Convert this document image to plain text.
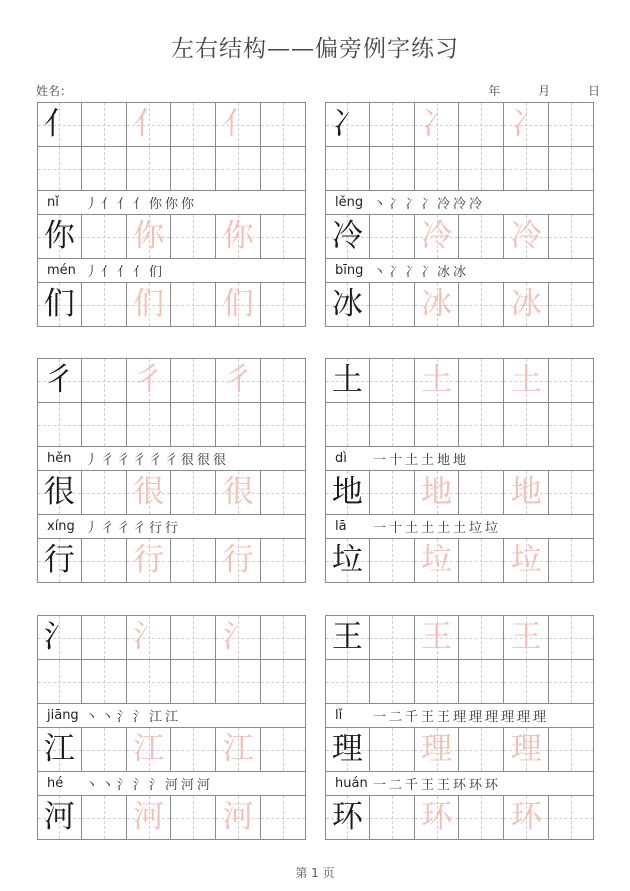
左右结构——偏旁例字练习
姓名：	年	月	日
亻 亻 亻
nǐ	丿亻亻亻你你你
你 你 你
mén 丿亻亻亻们
们 们 们
冫 冫 冫
lěng 丶冫冫冫冷冷冷
冷 冷 冷
bīng 丶冫冫冫冰冰
冰 冰 冰
彳 彳 彳
hěn	丿彳彳彳彳彳很很很
很 很 很
xíng 丿彳彳彳行行
行 行 行
土 土 土
dì	一十土土地地
地 地 地
lā	一十土土土土垃垃
垃 垃 垃
氵 氵 氵
jiāng 丶丶氵氵江江
江 江 江
hé	丶丶氵氵氵河河河
河 河 河
王 王 王
lǐ	一二千王王理理理理理理
理 理 理
huán 一二千王王环环环
环 环 环
第 1 页
